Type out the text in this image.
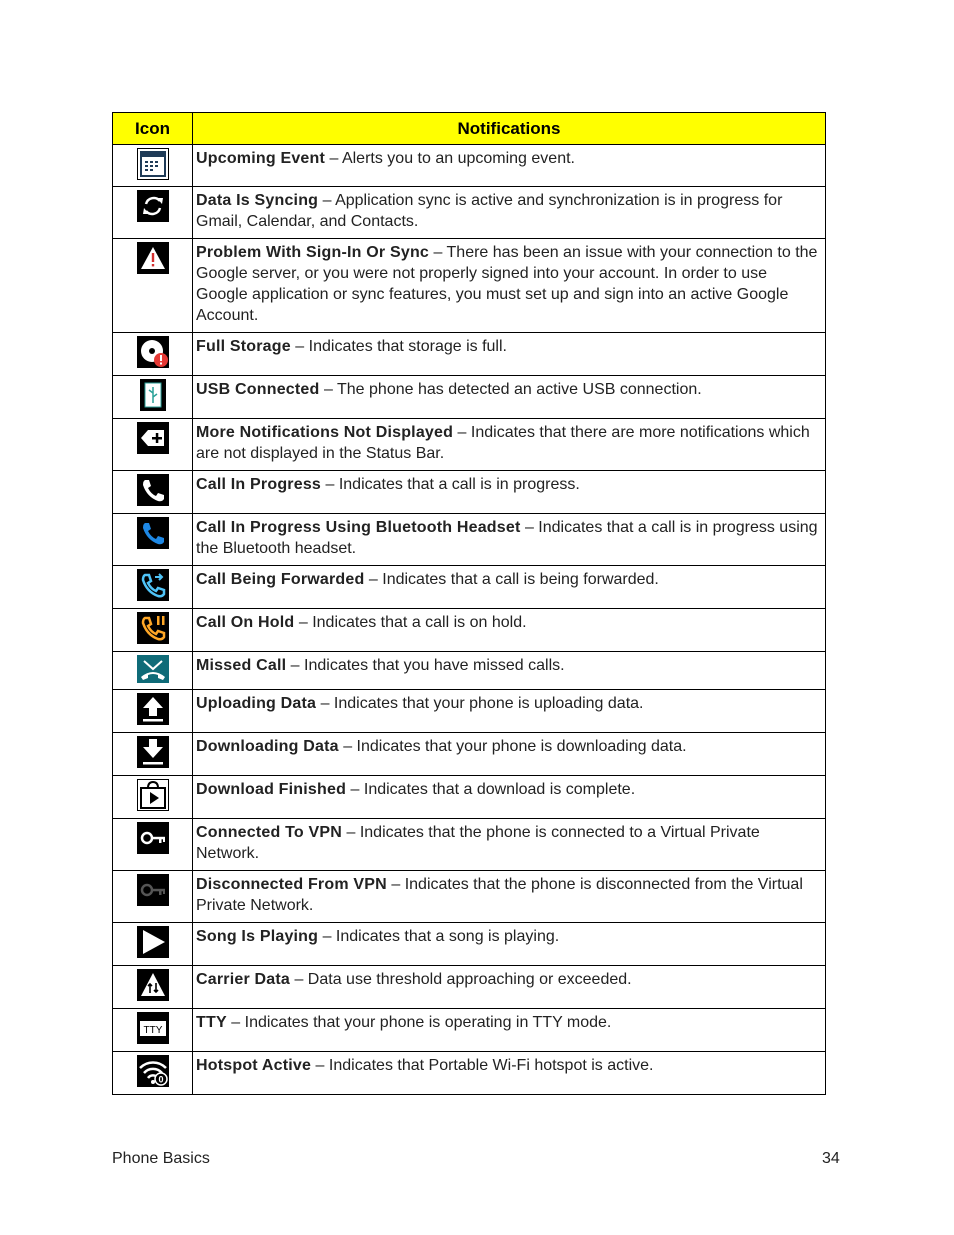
Icon	Notifications

	Upcoming Event – Alerts you to an upcoming event.

	Data Is Syncing – Application sync is active and synchronization is in progress for Gmail, Calendar, and Contacts.

	Problem With Sign-In Or Sync – There has been an issue with your connection to the Google server, or you were not properly signed into your account. In order to use Google application or sync features, you must set up and sign into an active Google Account.

	Full Storage – Indicates that storage is full.

	USB Connected – The phone has detected an active USB connection.

	More Notifications Not Displayed – Indicates that there are more notifications which are not displayed in the Status Bar.

	Call In Progress – Indicates that a call is in progress.

	Call In Progress Using Bluetooth Headset – Indicates that a call is in progress using the Bluetooth headset.

	Call Being Forwarded – Indicates that a call is being forwarded.

	Call On Hold – Indicates that a call is on hold.

	Missed Call – Indicates that you have missed calls.

	Uploading Data – Indicates that your phone is uploading data.

	Downloading Data – Indicates that your phone is downloading data.

	Download Finished – Indicates that a download is complete.

	Connected To VPN – Indicates that the phone is connected to a Virtual Private Network.

	Disconnected From VPN – Indicates that the phone is disconnected from the Virtual Private Network.

	Song Is Playing – Indicates that a song is playing.

	Carrier Data – Data use threshold approaching or exceeded.

TTY	TTY – Indicates that your phone is operating in TTY mode.

0	Hotspot Active – Indicates that Portable Wi-Fi hotspot is active.
Phone Basics	34
